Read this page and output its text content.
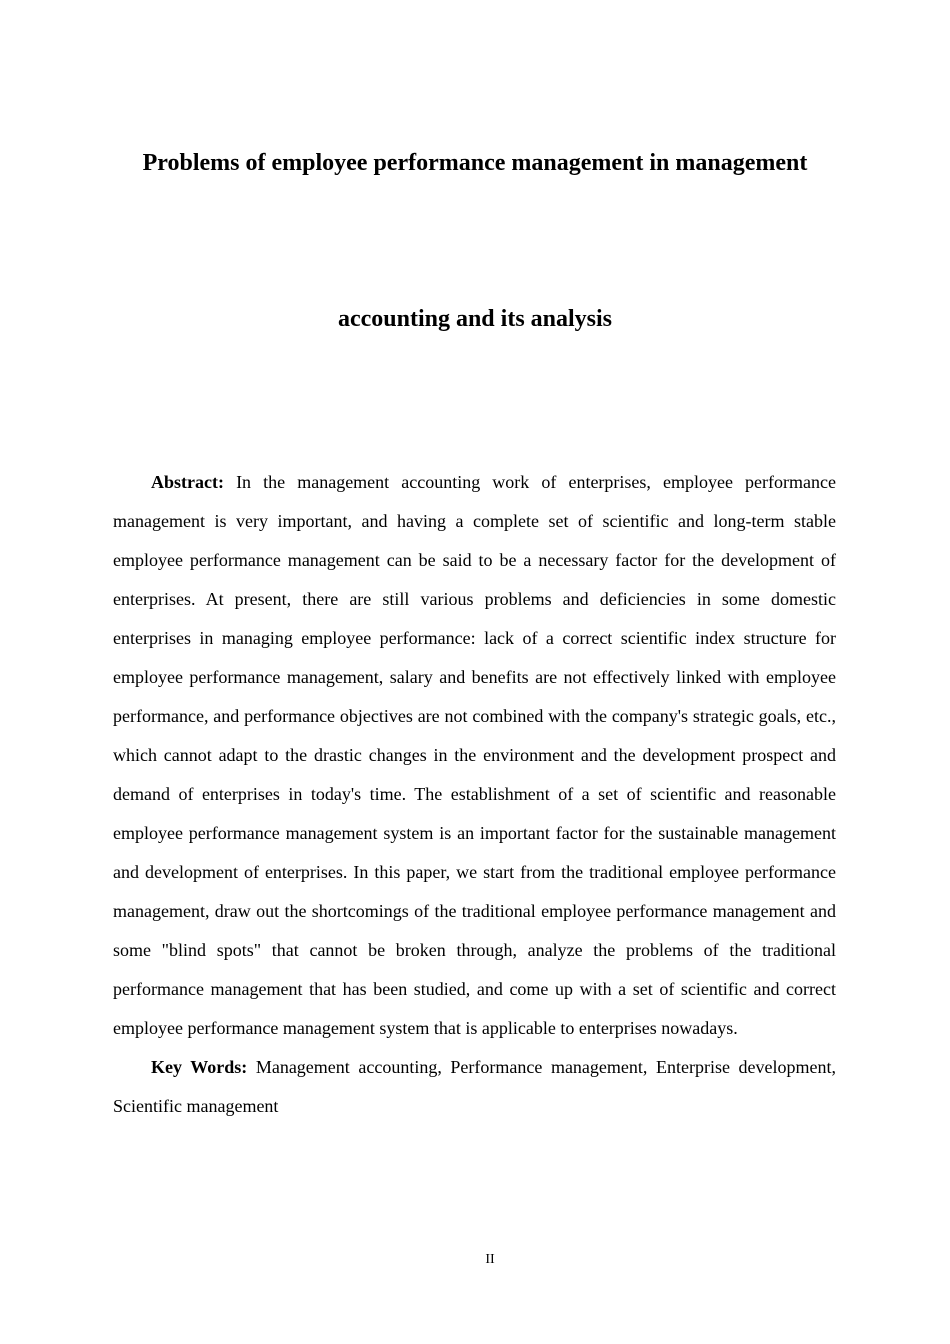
Problems of employee performance management in management
accounting and its analysis

Abstract: In the management accounting work of enterprises, employee performance management is very important, and having a complete set of scientific and long-term stable employee performance management can be said to be a necessary factor for the development of enterprises. At present, there are still various problems and deficiencies in some domestic enterprises in managing employee performance: lack of a correct scientific index structure for employee performance management, salary and benefits are not effectively linked with employee performance, and performance objectives are not combined with the company's strategic goals, etc., which cannot adapt to the drastic changes in the environment and the development prospect and demand of enterprises in today's time. The establishment of a set of scientific and reasonable employee performance management system is an important factor for the sustainable management and development of enterprises. In this paper, we start from the traditional employee performance management, draw out the shortcomings of the traditional employee performance management and some "blind spots" that cannot be broken through, analyze the problems of the traditional performance management that has been studied, and come up with a set of scientific and correct employee performance management system that is applicable to enterprises nowadays.

Key Words: Management accounting, Performance management, Enterprise development, Scientific management

II
